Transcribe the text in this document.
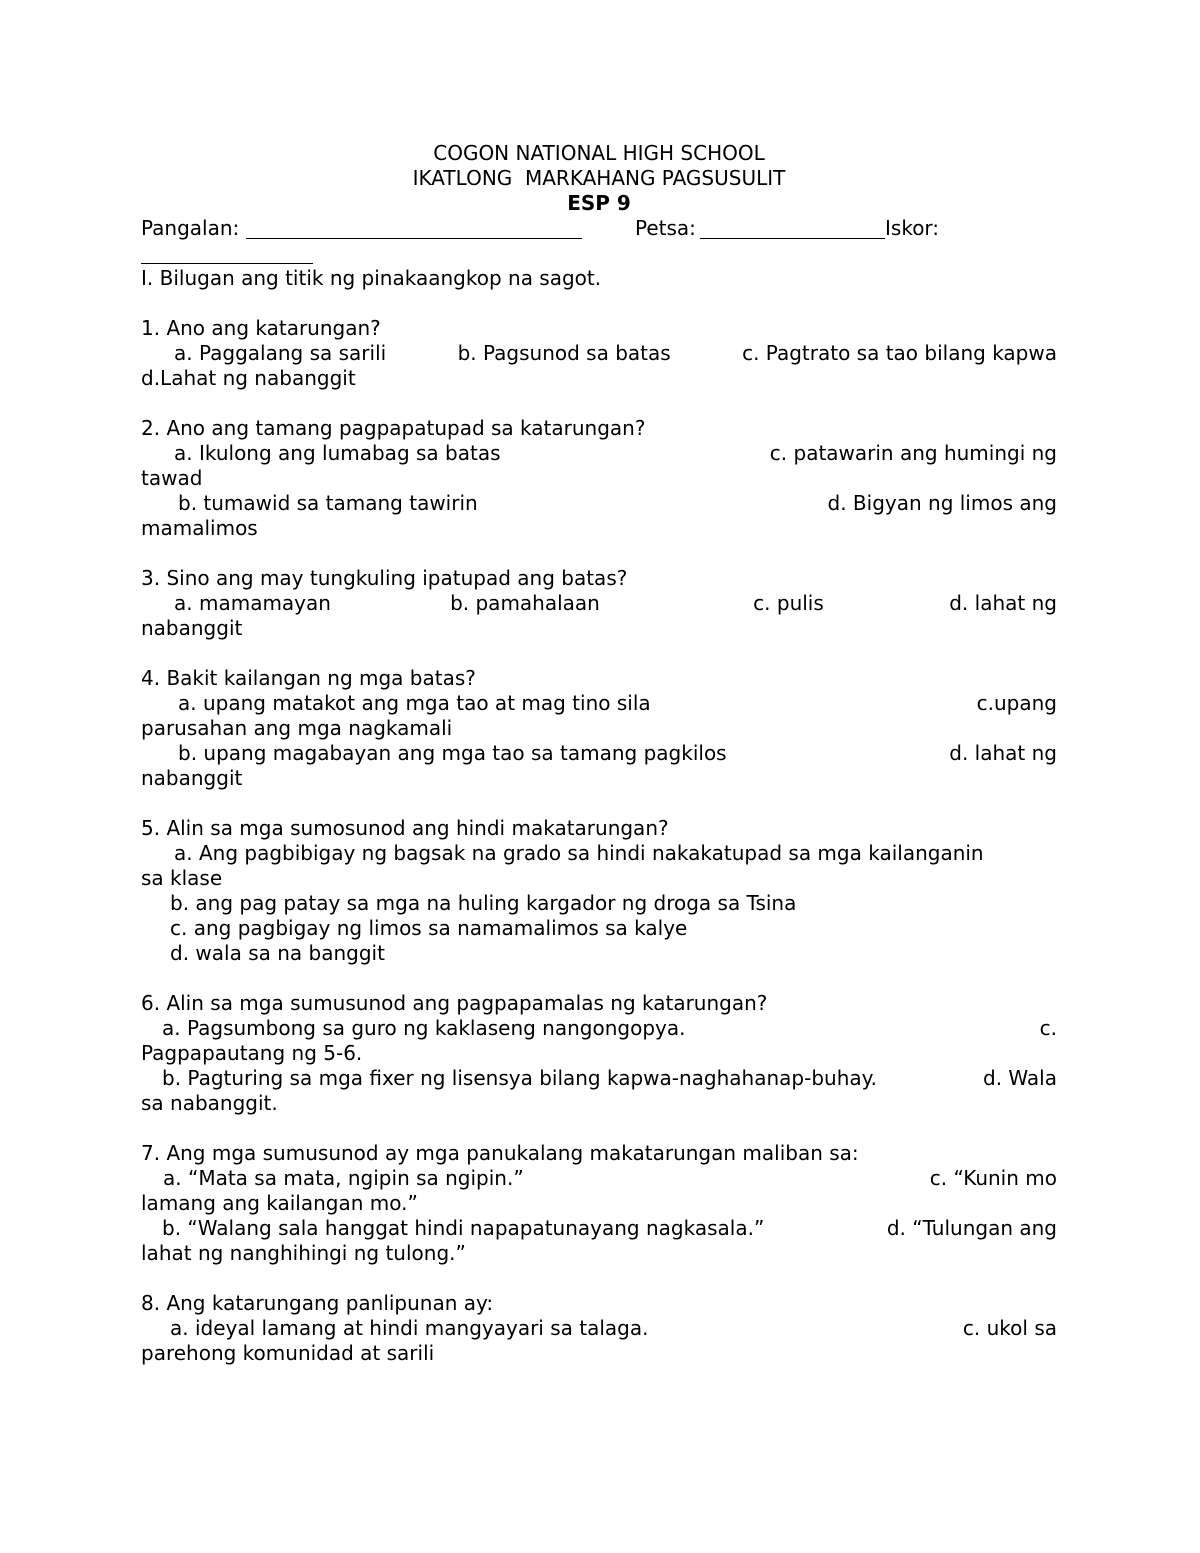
COGON NATIONAL HIGH SCHOOL
IKATLONG  MARKAHANG PAGSUSULIT
ESP 9
Pangalan:	Petsa:	Iskor:
I. Bilugan ang titik ng pinakaangkop na sagot.
1. Ano ang katarungan?
a. Paggalang sa sarili	b. Pagsunod sa batas	c. Pagtrato sa tao bilang kapwa
d.Lahat ng nabanggit
2. Ano ang tamang pagpapatupad sa katarungan?
a. Ikulong ang lumabag sa batas	c. patawarin ang humingi ng
tawad
b. tumawid sa tamang tawirin	d. Bigyan ng limos ang
mamalimos
3. Sino ang may tungkuling ipatupad ang batas?
a. mamamayan	b. pamahalaan	c. pulis	d. lahat ng
nabanggit
4. Bakit kailangan ng mga batas?
a. upang matakot ang mga tao at mag tino sila	c.upang
parusahan ang mga nagkamali
b. upang magabayan ang mga tao sa tamang pagkilos	d. lahat ng
nabanggit
5. Alin sa mga sumosunod ang hindi makatarungan?
a. Ang pagbibigay ng bagsak na grado sa hindi nakakatupad sa mga kailanganin
sa klase
b. ang pag patay sa mga na huling kargador ng droga sa Tsina
c. ang pagbigay ng limos sa namamalimos sa kalye
d. wala sa na banggit
6. Alin sa mga sumusunod ang pagpapamalas ng katarungan?
a. Pagsumbong sa guro ng kaklaseng nangongopya.	c.
Pagpapautang ng 5-6.
b. Pagturing sa mga fixer ng lisensya bilang kapwa-naghahanap-buhay.	d. Wala
sa nabanggit.
7. Ang mga sumusunod ay mga panukalang makatarungan maliban sa:
a. “Mata sa mata, ngipin sa ngipin.”	c. “Kunin mo
lamang ang kailangan mo.”
b. “Walang sala hanggat hindi napapatunayang nagkasala.”	d. “Tulungan ang
lahat ng nanghihingi ng tulong.”
8. Ang katarungang panlipunan ay:
a. ideyal lamang at hindi mangyayari sa talaga.	c. ukol sa
parehong komunidad at sarili
